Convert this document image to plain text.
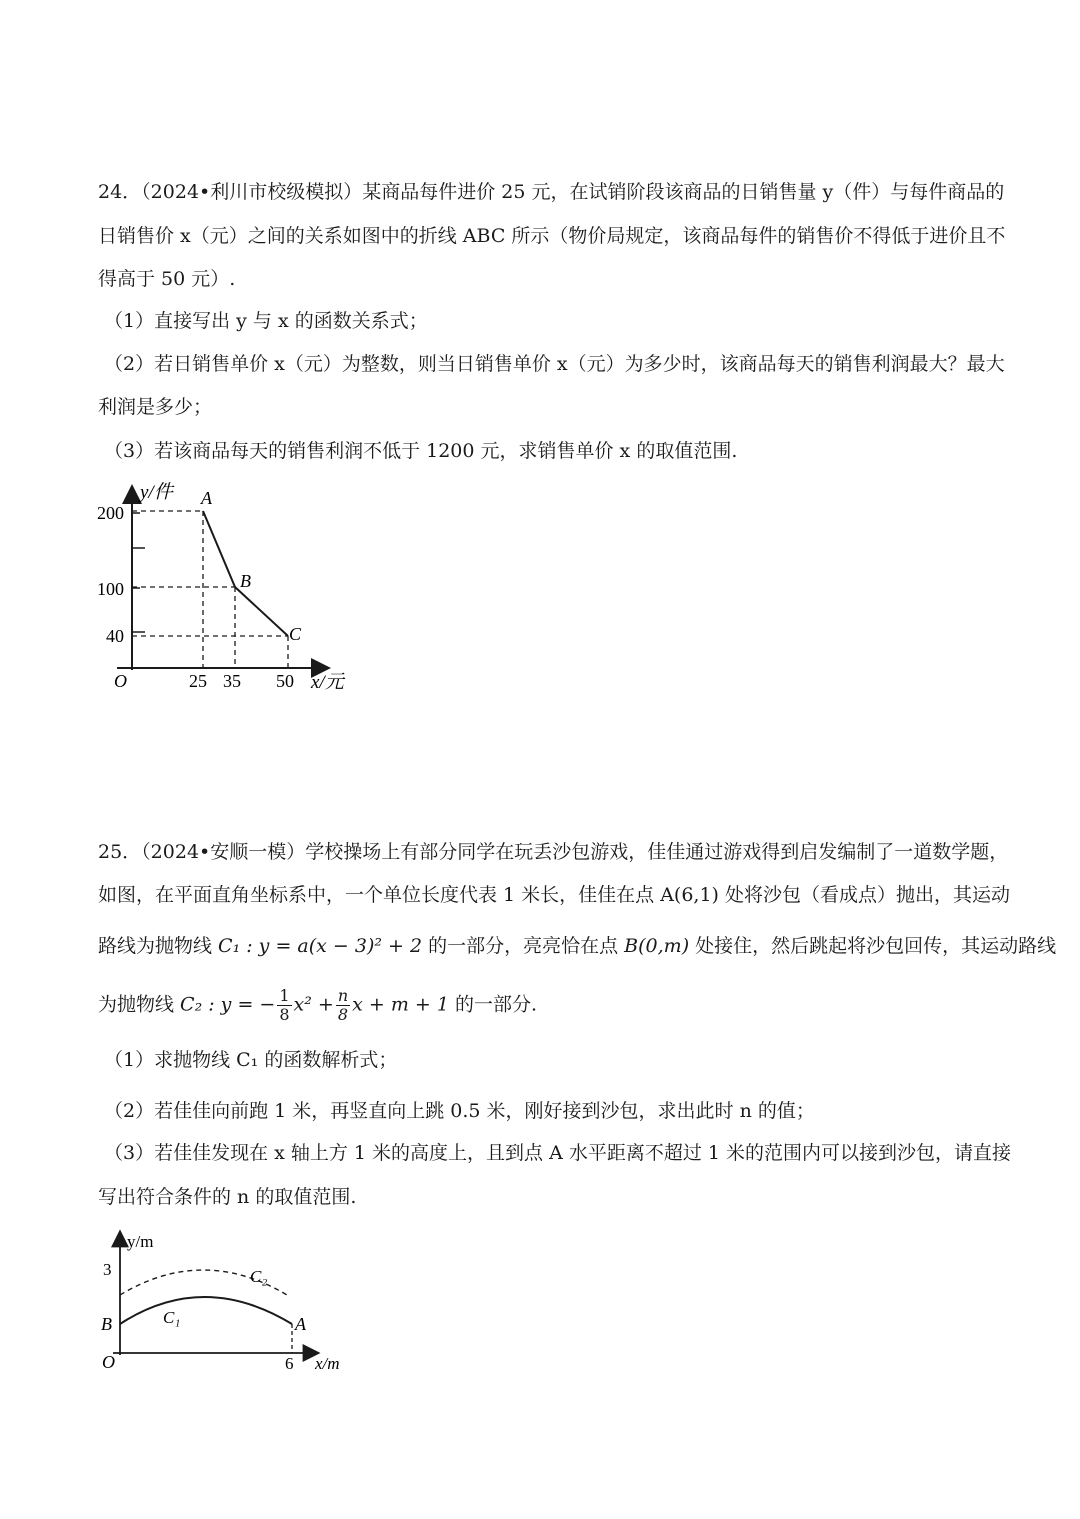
24．（2024•利川市校级模拟）某商品每件进价 25 元，在试销阶段该商品的日销售量 y（件）与每件商品的
日销售价 x（元）之间的关系如图中的折线 ABC 所示（物价局规定，该商品每件的销售价不得低于进价且不
得高于 50 元）.
（1）直接写出 y 与 x 的函数关系式；
（2）若日销售单价 x（元）为整数，则当日销售单价 x（元）为多少时，该商品每天的销售利润最大？最大
利润是多少；
（3）若该商品每天的销售利润不低于 1200 元，求销售单价 x 的取值范围.
y/件
200
100
40
O	25 35 50 x/元
A
B
C
25．（2024•安顺一模）学校操场上有部分同学在玩丢沙包游戏，佳佳通过游戏得到启发编制了一道数学题，
如图，在平面直角坐标系中，一个单位长度代表 1 米长，佳佳在点 A(6,1) 处将沙包（看成点）抛出，其运动
路线为抛物线 C₁ : y = a(x − 3)² + 2 的一部分，亮亮恰在点 B(0,m) 处接住，然后跳起将沙包回传，其运动路线
为抛物线 C₂ : y = − $\frac{1}{8} x^2 + \frac{n}{8}$ x + m + 1 的一部分.
（1）求抛物线 C₁ 的函数解析式；
（2）若佳佳向前跑 1 米，再竖直向上跳 0.5 米，刚好接到沙包，求出此时 n 的值；
（3）若佳佳发现在 x 轴上方 1 米的高度上，且到点 A 水平距离不超过 1 米的范围内可以接到沙包，请直接
写出符合条件的 n 的取值范围.
y/m
3
B
O	6 x/m
A
C₁
C₂
